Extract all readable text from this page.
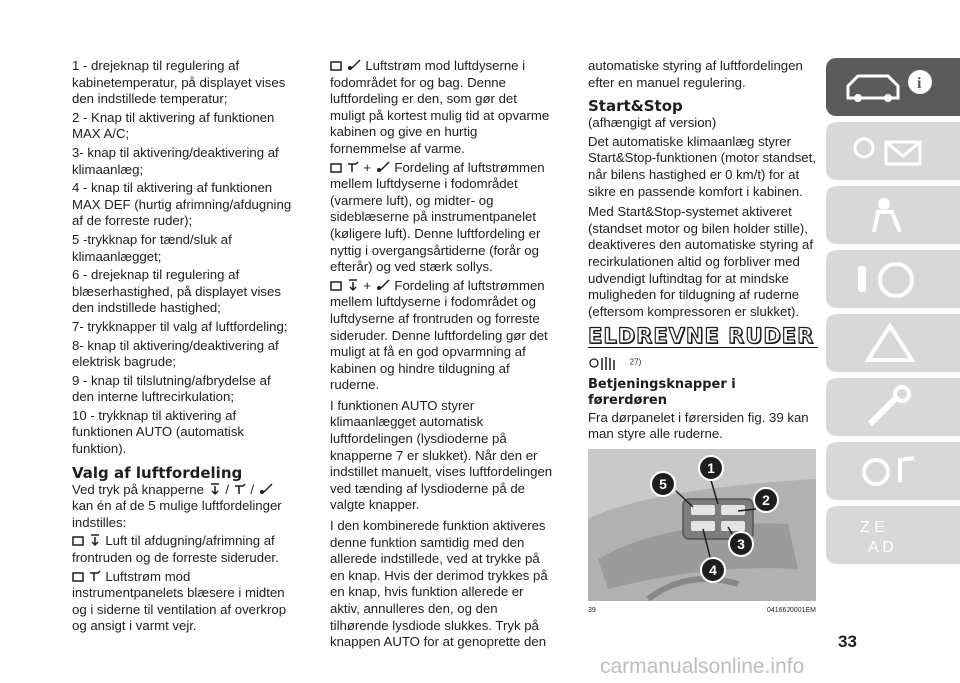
1 - drejeknap til regulering af kabinetemperatur, på displayet vises den indstillede temperatur;

2 - Knap til aktivering af funktionen MAX A/C;

3- knap til aktivering/deaktivering af klimaanlæg;

4 - knap til aktivering af funktionen MAX DEF (hurtig afrimning/afdugning af de forreste ruder);

5 -trykknap for tænd/sluk af klimaanlægget;

6 - drejeknap til regulering af blæserhastighed, på displayet vises den indstillede hastighed;

7- trykknapper til valg af luftfordeling;

8- knap til aktivering/deaktivering af elektrisk bagrude;

9 - knap til tilslutning/afbrydelse af den interne luftrecirkulation;

10 - trykknap til aktivering af funktionen AUTO (automatisk funktion).

Valg af luftfordeling

Ved tryk på knapperne / /  kan én af de 5 mulige luftfordelinger indstilles:

Luft til afdugning/afrimning af frontruden og de forreste sideruder.

Luftstrøm mod instrumentpanelets blæsere i midten og i siderne til ventilation af overkrop og ansigt i varmt vejr.

Luftstrøm mod luftdyserne i fodområdet for og bag. Denne luftfordeling er den, som gør det muligt på kortest mulig tid at opvarme kabinen og give en hurtig fornemmelse af varme.

+ Fordeling af luftstrømmen mellem luftdyserne i fodområdet (varmere luft), og midter- og sideblæserne på instrumentpanelet (køligere luft). Denne luftfordeling er nyttig i overgangsårtiderne (forår og efterår) og ved stærk sollys.

+ Fordeling af luftstrømmen mellem luftdyserne i fodområdet og luftdyserne af frontruden og forreste sideruder. Denne luftfordeling gør det muligt at få en god opvarmning af kabinen og hindre tildugning af ruderne.

I funktionen AUTO styrer klimaanlægget automatisk luftfordelingen (lysdioderne på knapperne 7 er slukket). Når den er indstillet manuelt, vises luftfordelingen ved tænding af lysdioderne på de valgte knapper.

I den kombinerede funktion aktiveres denne funktion samtidig med den allerede indstillede, ved at trykke på en knap. Hvis der derimod trykkes på en knap, hvis funktion allerede er aktiv, annulleres den, og den tilhørende lysdiode slukkes. Tryk på knappen AUTO for at genoprette den

automatiske styring af luftfordelingen efter en manuel regulering.

Start&Stop

(afhængigt af version)

Det automatiske klimaanlæg styrer Start&Stop-funktionen (motor standset, når bilens hastighed er 0 km/t) for at sikre en passende komfort i kabinen.

Med Start&Stop-systemet aktiveret (standset motor og bilen holder stille), deaktiveres den automatiske styring af recirkulationen altid og forbliver med udvendigt luftindtag for at mindske muligheden for tildugning af ruderne (eftersom kompressoren er slukket).

ELDREVNE RUDER
$^{27)}$
Betjeningsknapper i førerdøren

Fra dørpanelet i førersiden fig. 39 kan man styre alle ruderne.

1
2
3
4
5
39	04166J0001EM
i
Z E
A D
33
carmanualsonline.info
